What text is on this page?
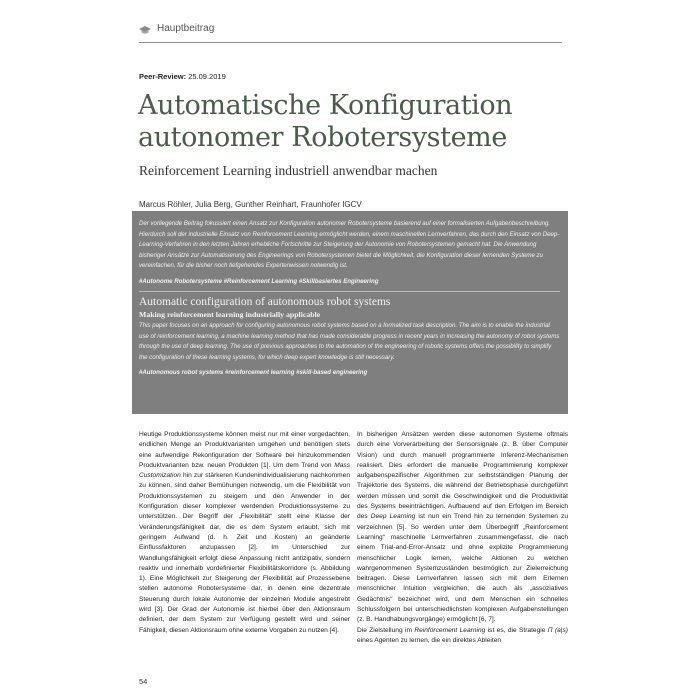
Hauptbeitrag
Peer-Review: 25.09.2019
Automatische Konfiguration
autonomer Robotersysteme
Reinforcement Learning industriell anwendbar machen
Marcus Röhler, Julia Berg, Gunther Reinhart, Fraunhofer IGCV

Der vorliegende Beitrag fokussiert einen Ansatz zur Konfiguration autonomer Robotersysteme basierend auf einer formalisierten Aufgabenbeschreibung. Hierdurch soll der industrielle Einsatz von Reinforcement Learning ermöglicht werden, einem maschinellen Lernverfahren, das durch den Einsatz von Deep-Learning-Verfahren in den letzten Jahren erhebliche Fortschritte zur Steigerung der Autonomie von Robotersystemen gemacht hat. Die Anwendung bisheriger Ansätze zur Automatisierung des Engineerings von Robotersystemen bietet die Möglichkeit, die Konfiguration dieser lernenden Systeme zu vereinfachen, für die bisher noch tiefgehendes Expertenwissen notwendig ist.

#Autonome Robotersysteme #Reinforcement Learning #Skillbasiertes Engineering

Automatic configuration of autonomous robot systems

Making reinforcement learning industrially applicable

This paper focuses on an approach for configuring autonomous robot systems based on a formalized task description. The aim is to enable the industrial use of reinforcement learning, a machine learning method that has made considerable progress in recent years in increasing the autonomy of robot systems through the use of deep learning. The use of previous approaches to the automation of the engineering of robotic systems offers the possibility to simplify the configuration of these learning systems, for which deep expert knowledge is still necessary.

#Autonomous robot systems #reinforcement learning #skill-based engineering

Heutige Produktionssysteme können meist nur mit einer vorgedachten, endlichen Menge an Produktvarianten umgehen und benötigen stets eine aufwendige Rekonfiguration der Software bei hinzukommenden Produktvarianten bzw. neuen Produkten [1]. Um dem Trend von Mass Customization hin zur stärkeren Kundenindividualisierung nachkommen zu können, sind daher Bemühungen notwendig, um die Flexibilität von Produktionssystemen zu steigern und den Anwender in der Konfiguration dieser komplexer werdenden Produktionssysteme zu unterstützen. Der Begriff der „Flexibilität“ stellt eine Klasse der Veränderungsfähigkeit dar, die es dem System erlaubt, sich mit geringem Aufwand (d. h. Zeit und Kosten) an geänderte Einflussfaktoren anzupassen [2]. Im Unterschied zur Wandlungsfähigkeit erfolgt diese Anpassung nicht antizipativ, sondern reaktiv und innerhalb vordefinierter Flexibilitätskorridore (s. Abbildung 1). Eine Möglichkeit zur Steigerung der Flexibilität auf Prozessebene stellen autonome Robotersysteme dar, in denen eine dezentrale Steuerung durch lokale Autonomie der einzelnen Module angestrebt wird [3]. Der Grad der Autonomie ist hierbei über den Aktionsraum definiert, der dem System zur Verfügung gestellt wird und seiner Fähigkeit, diesen Aktionsraum ohne externe Vorgaben zu nutzen [4].

In bisherigen Ansätzen werden diese autonomen Systeme oftmals durch eine Vorverarbeitung der Sensorsignale (z. B. über Computer Vision) und durch manuell programmierte Inferenz-Mechanismen realisiert. Dies erfordert die manuelle Programmierung komplexer aufgabenspezifischer Algorithmen zur selbstständigen Planung der Trajektorie des Systems, die während der Betriebsphase durchgeführt werden müssen und somit die Geschwindigkeit und die Produktivität des Systems beeinträchtigen. Aufbauend auf den Erfolgen im Bereich des Deep Learning ist nun ein Trend hin zu lernenden Systemen zu verzeichnen [5]. So werden unter dem Überbegriff „Reinforcement Learning“ maschinelle Lernverfahren zusammengefasst, die nach einem Trial-and-Error-Ansatz und ohne explizite Programmierung menschlicher Logik lernen, welche Aktionen zu welchen wahrgenommenen Systemzuständen bestmöglich zur Zielerreichung beitragen. Diese Lernverfahren lassen sich mit dem Erlernen menschlicher Intuition vergleichen, die auch als „assoziatives Gedächtnis“ bezeichnet wird, und dem Menschen ein schnelles Schlussfolgern bei unterschiedlichsten komplexen Aufgabenstellungen (z. B. Handhabungsvorgänge) ermöglicht [6, 7].

Die Zielstellung im Reinforcement Learning ist es, die Strategie Π (a|s) eines Agenten zu lernen, die ein direktes Ableiten

54
